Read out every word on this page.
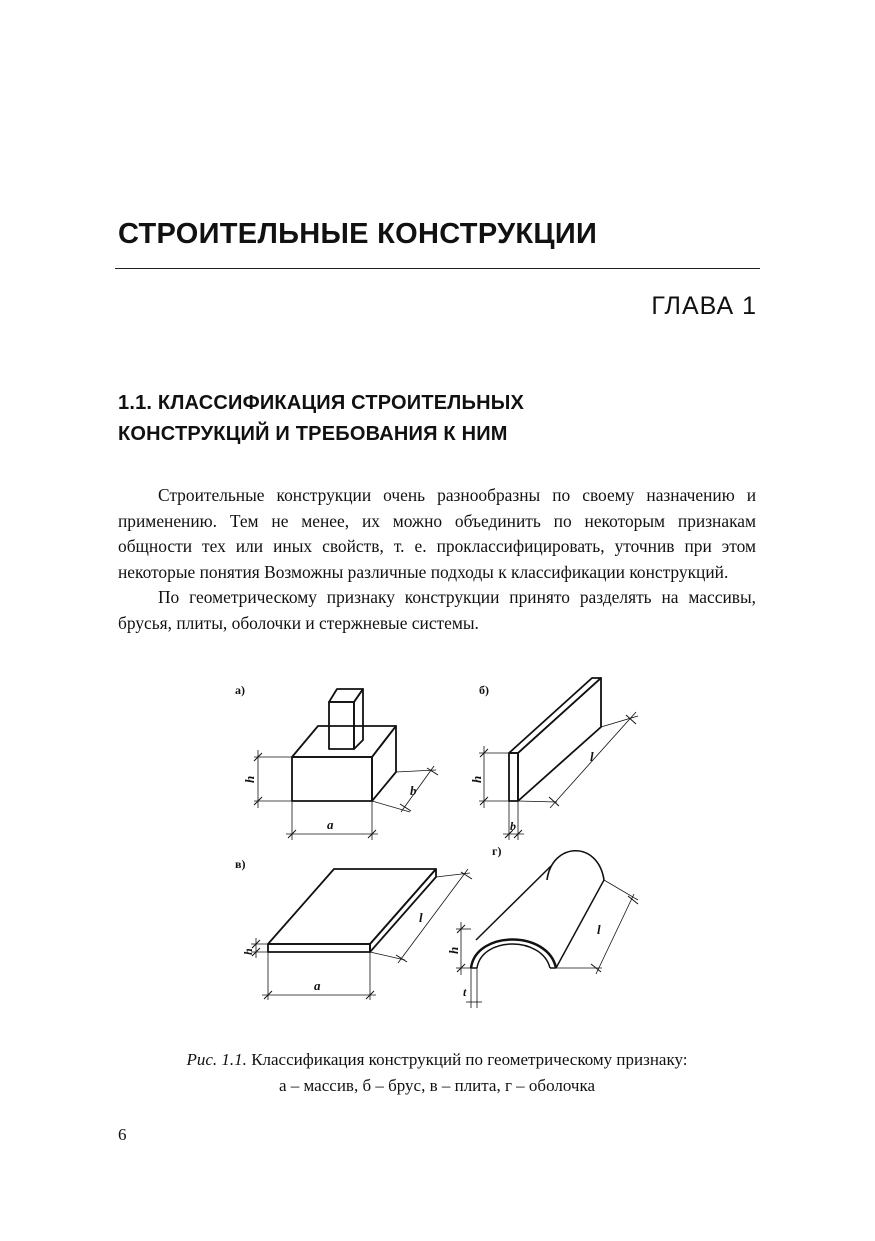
СТРОИТЕЛЬНЫЕ КОНСТРУКЦИИ
ГЛАВА 1
1.1. КЛАССИФИКАЦИЯ СТРОИТЕЛЬНЫХ
КОНСТРУКЦИЙ И ТРЕБОВАНИЯ К НИМ

Строительные конструкции очень разнообразны по своему назначению и применению. Тем не менее, их можно объединить по некоторым признакам общности тех или иных свойств, т. е. проклассифицировать, уточнив при этом некоторые понятия Возможны различные подходы к классификации конструкций.

По геометрическому признаку конструкции принято разделять на массивы, брусья, плиты, оболочки и стержневые системы.

а)
h
b
a
б)
h
l
b
в)
h
l
a
г)
h
l
t
Рис. 1.1. Классификация конструкций по геометрическому признаку:
а – массив, б – брус, в – плита, г – оболочка
6
